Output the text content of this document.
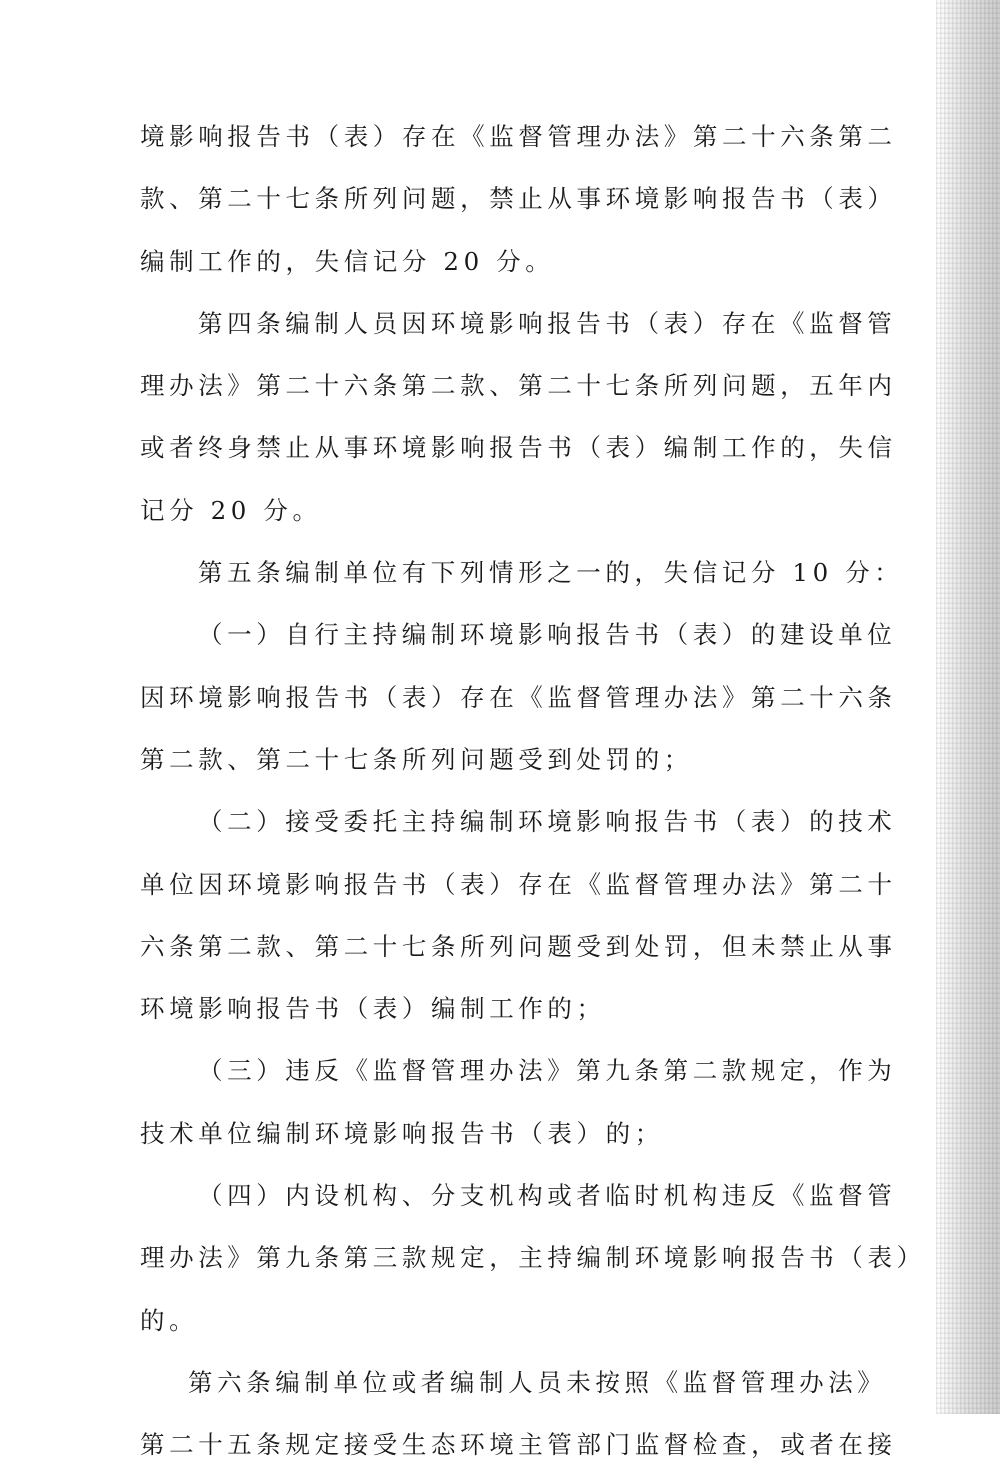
境影响报告书（表）存在《监督管理办法》第二十六条第二
款、第二十七条所列问题，禁止从事环境影响报告书（表）
编制工作的，失信记分 20 分。
第四条编制人员因环境影响报告书（表）存在《监督管
理办法》第二十六条第二款、第二十七条所列问题，五年内
或者终身禁止从事环境影响报告书（表）编制工作的，失信
记分 20 分。
第五条编制单位有下列情形之一的，失信记分 10 分：
（一）自行主持编制环境影响报告书（表）的建设单位
因环境影响报告书（表）存在《监督管理办法》第二十六条
第二款、第二十七条所列问题受到处罚的；
（二）接受委托主持编制环境影响报告书（表）的技术
单位因环境影响报告书（表）存在《监督管理办法》第二十
六条第二款、第二十七条所列问题受到处罚，但未禁止从事
环境影响报告书（表）编制工作的；
（三）违反《监督管理办法》第九条第二款规定，作为
技术单位编制环境影响报告书（表）的；
（四）内设机构、分支机构或者临时机构违反《监督管
理办法》第九条第三款规定，主持编制环境影响报告书（表）
的。
第六条编制单位或者编制人员未按照《监督管理办法》
第二十五条规定接受生态环境主管部门监督检查，或者在接
